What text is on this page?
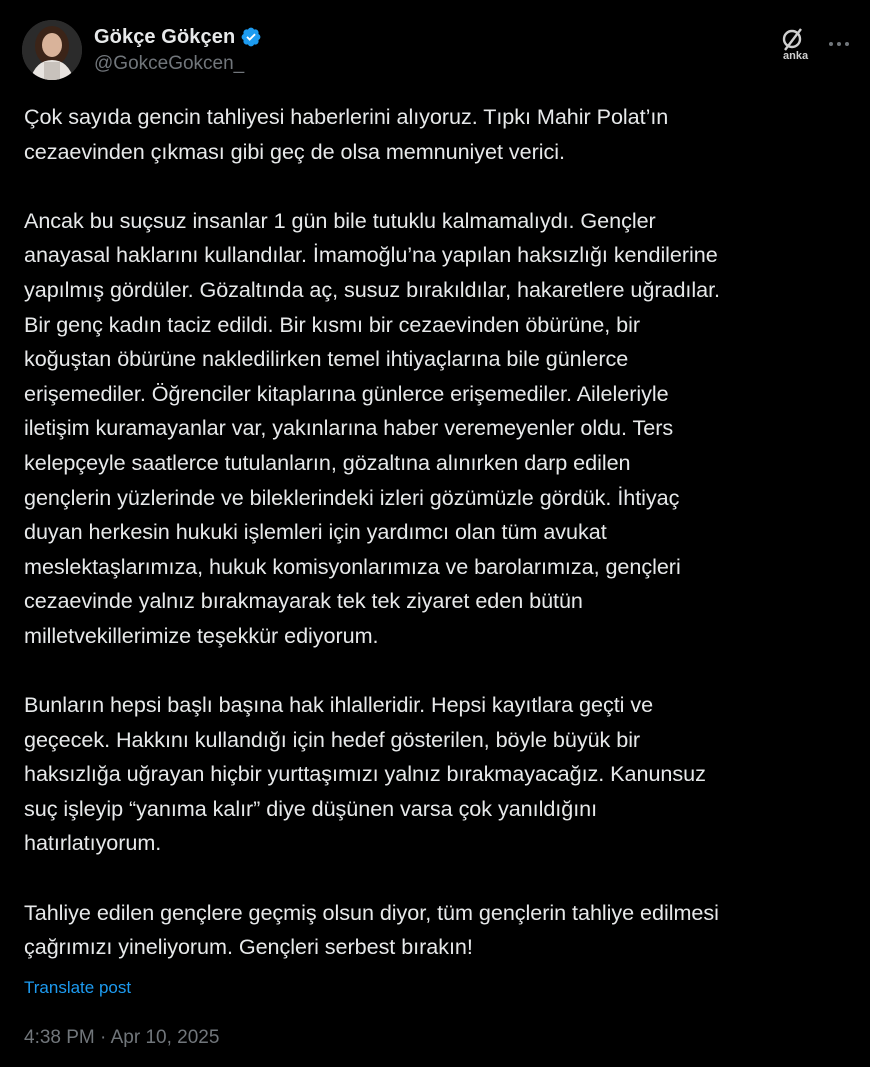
Gökçe Gökçen
@GokceGokcen_	anka
Çok sayıda gencin tahliyesi haberlerini alıyoruz. Tıpkı Mahir Polat’ın
cezaevinden çıkması gibi geç de olsa memnuniyet verici.

Ancak bu suçsuz insanlar 1 gün bile tutuklu kalmamalıydı. Gençler
anayasal haklarını kullandılar. İmamoğlu’na yapılan haksızlığı kendilerine
yapılmış gördüler. Gözaltında aç, susuz bırakıldılar, hakaretlere uğradılar.
Bir genç kadın taciz edildi. Bir kısmı bir cezaevinden öbürüne, bir
koğuştan öbürüne nakledilirken temel ihtiyaçlarına bile günlerce
erişemediler. Öğrenciler kitaplarına günlerce erişemediler. Aileleriyle
iletişim kuramayanlar var, yakınlarına haber veremeyenler oldu. Ters
kelepçeyle saatlerce tutulanların, gözaltına alınırken darp edilen
gençlerin yüzlerinde ve bileklerindeki izleri gözümüzle gördük. İhtiyaç
duyan herkesin hukuki işlemleri için yardımcı olan tüm avukat
meslektaşlarımıza, hukuk komisyonlarımıza ve barolarımıza, gençleri
cezaevinde yalnız bırakmayarak tek tek ziyaret eden bütün
milletvekillerimize teşekkür ediyorum.

Bunların hepsi başlı başına hak ihlalleridir. Hepsi kayıtlara geçti ve
geçecek. Hakkını kullandığı için hedef gösterilen, böyle büyük bir
haksızlığa uğrayan hiçbir yurttaşımızı yalnız bırakmayacağız. Kanunsuz
suç işleyip “yanıma kalır” diye düşünen varsa çok yanıldığını
hatırlatıyorum.

Tahliye edilen gençlere geçmiş olsun diyor, tüm gençlerin tahliye edilmesi
çağrımızı yineliyorum. Gençleri serbest bırakın!
Translate post
4:38 PM · Apr 10, 2025
